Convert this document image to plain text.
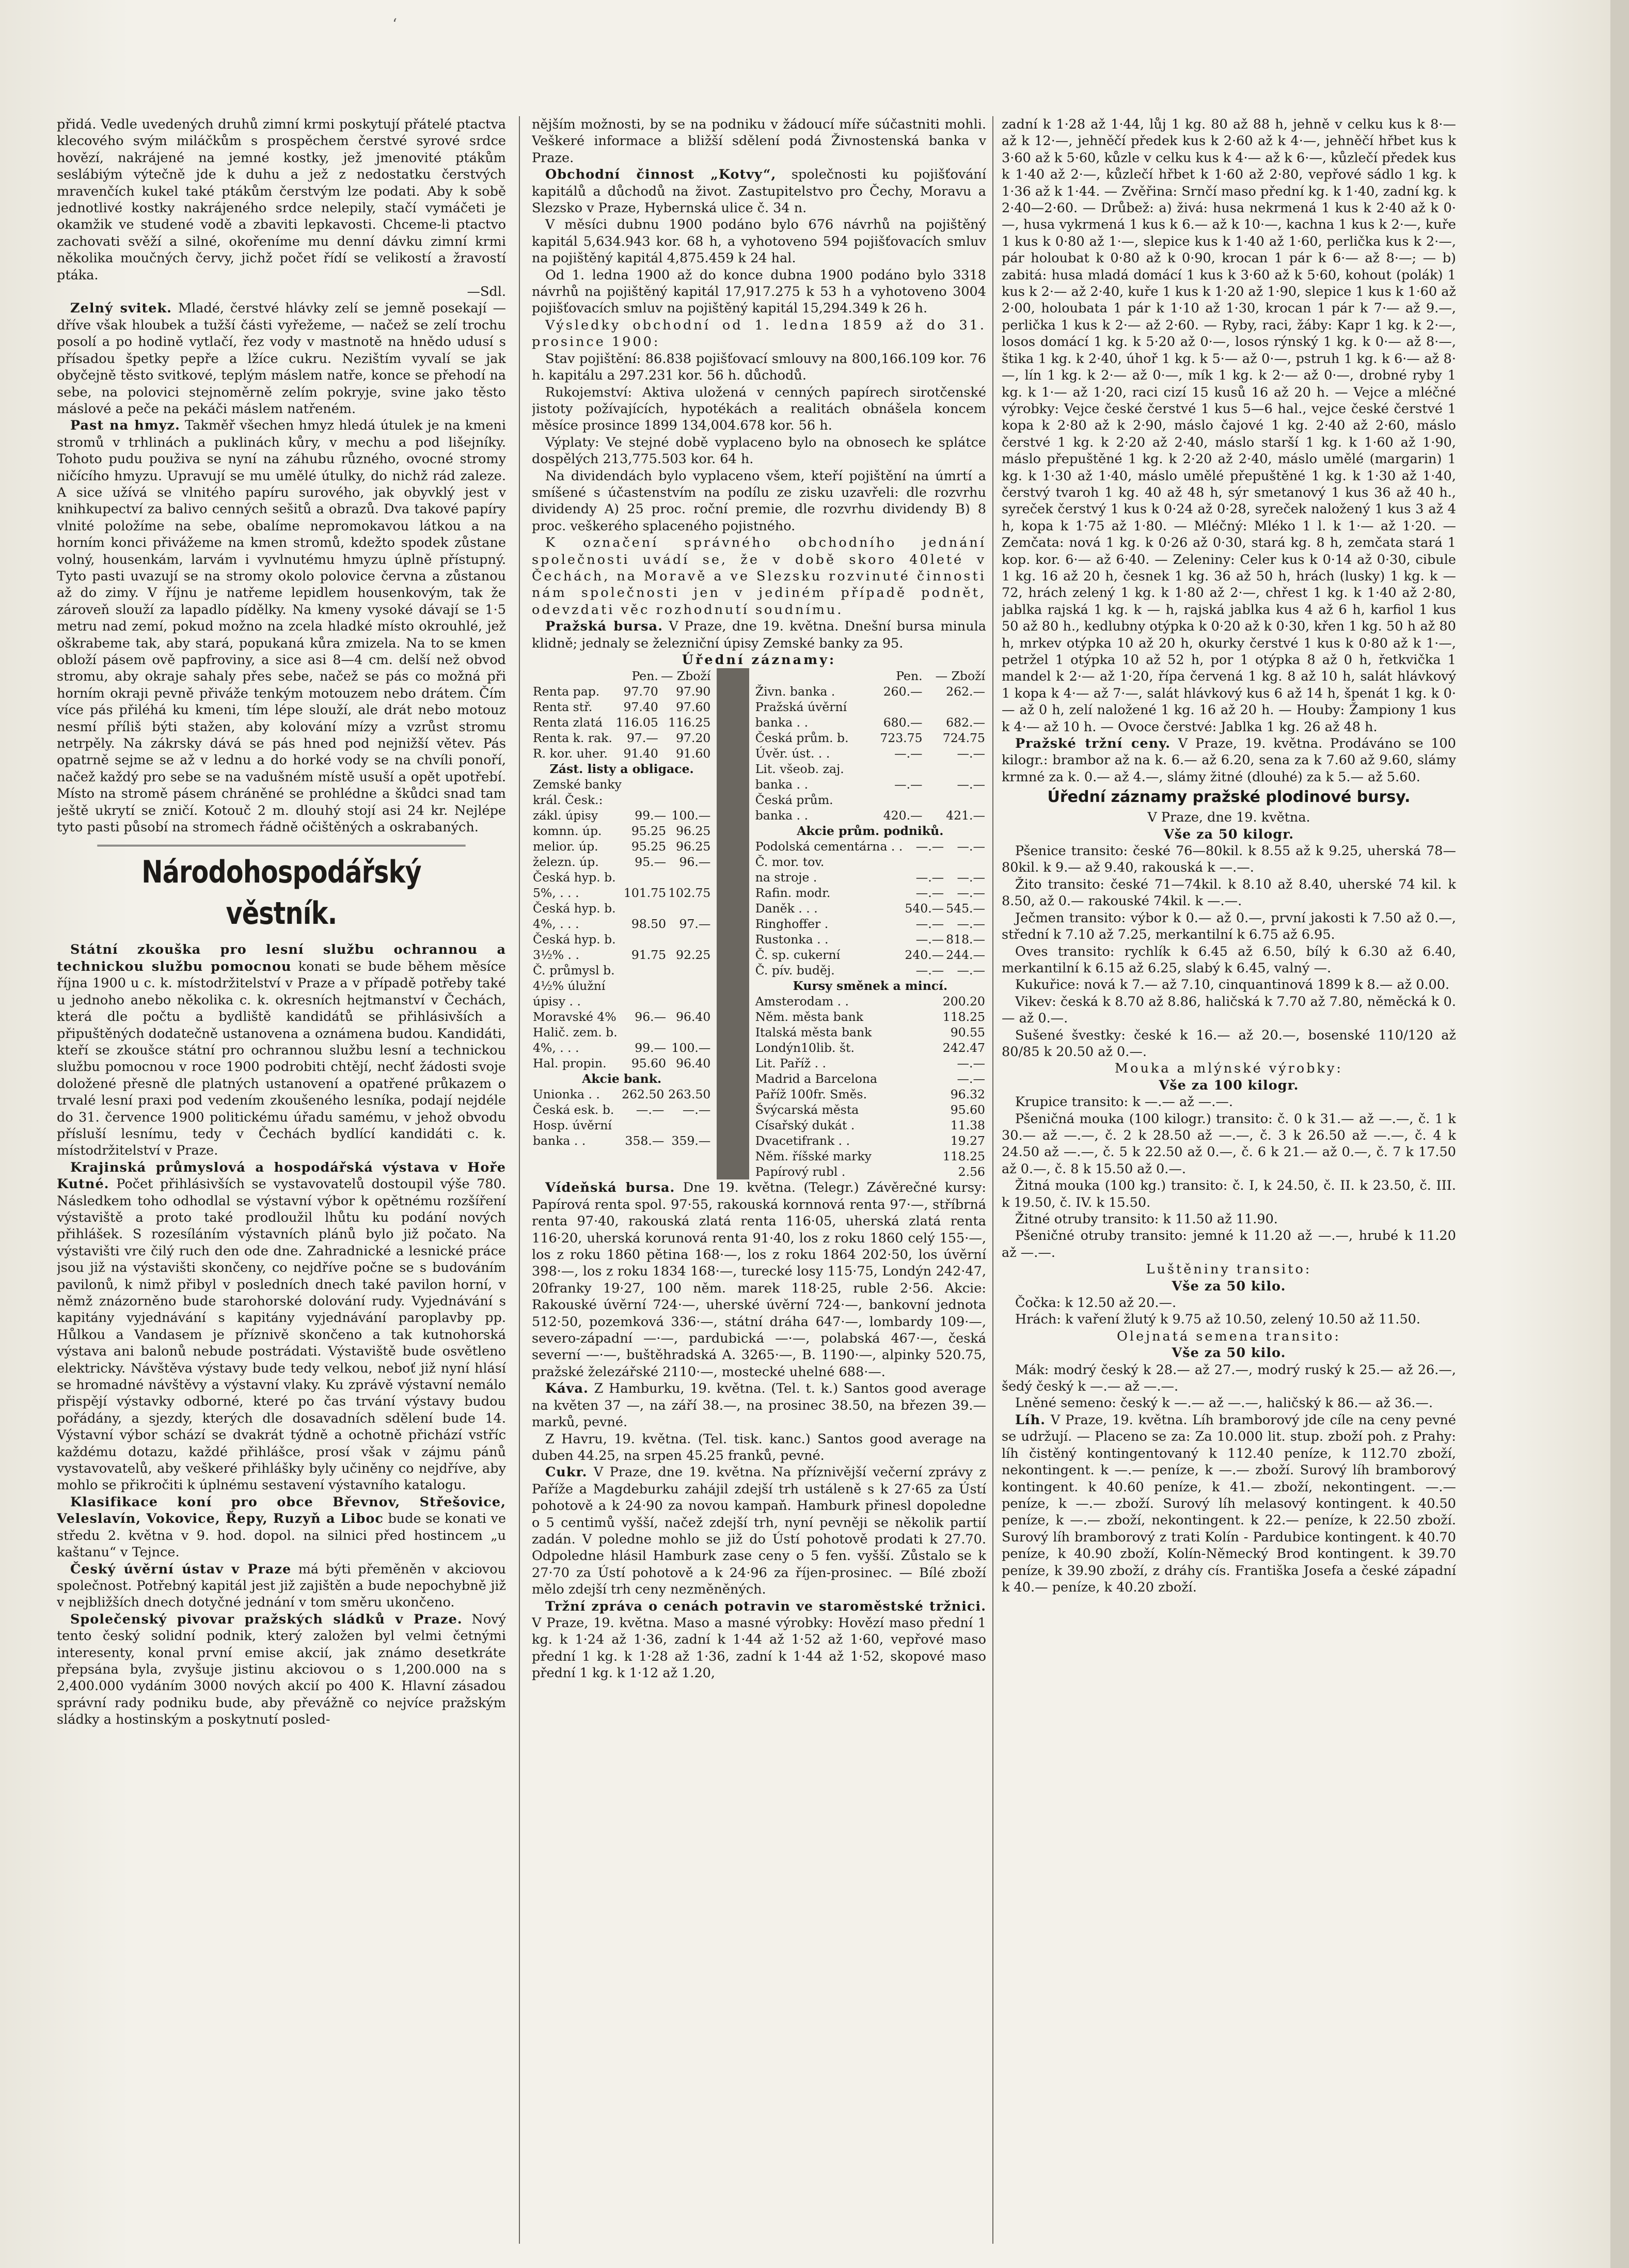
‘

přidá. Vedle uvedených druhů zimní krmi poskytují přátelé ptactva klecového svým miláčkům s prospěchem čerstvé syrové srdce hovězí, nakrájené na jemné kostky, jež jmenovité ptákům seslábiým výtečně jde k duhu a jež z nedostatku čerstvých mravenčích kukel také ptákům čerstvým lze podati. Aby k sobě jednotlivé kostky nakrájeného srdce nelepily, stačí vymáčeti je okamžik ve studené vodě a zbaviti lepkavosti. Chceme-li ptactvo zachovati svěží a silné, okořeníme mu denní dávku zimní krmi několika moučných červy, jichž počet řídí se velikostí a žravostí ptáka.

—Sdl.

Zelný svitek. Mladé, čerstvé hlávky zelí se jemně posekají — dříve však hloubek a tužší části vyřežeme, — načež se zelí trochu posolí a po hodině vytlačí, řez vody v mastnotě na hnědo udusí s přísadou špetky pepře a lžíce cukru. Nezištím vyvalí se jak obyčejně těsto svitkové, teplým máslem natře, konce se přehodí na sebe, na polovici stejnoměrně zelím pokryje, svine jako těsto máslové a peče na pekáči máslem natřeném.

Past na hmyz. Takměř všechen hmyz hledá útulek je na kmeni stromů v trhlinách a puklinách kůry, v mechu a pod lišejníky. Tohoto pudu použiva se nyní na záhubu různého, ovocné stromy ničícího hmyzu. Upravují se mu umělé útulky, do nichž rád zaleze. A sice užívá se vlnitého papíru surového, jak obyvklý jest v knihkupectví za balivo cenných sešitů a obrazů. Dva takové papíry vlnité položíme na sebe, obalíme nepromokavou látkou a na horním konci přivážeme na kmen stromů, kdežto spodek zůstane volný, housenkám, larvám i vyvlnutému hmyzu úplně přístupný. Tyto pasti uvazují se na stromy okolo polovice června a zůstanou až do zimy. V říjnu je natřeme lepidlem housenkovým, tak že zároveň slouží za lapadlo pídělky. Na kmeny vysoké dávají se 1·5 metru nad zemí, pokud možno na zcela hladké místo okrouhlé, jež oškrabeme tak, aby stará, popukaná kůra zmizela. Na to se kmen obloží pásem ově papfroviny, a sice asi 8—4 cm. delší než obvod stromu, aby okraje sahaly přes sebe, načež se pás co možná při horním okraji pevně přiváže tenkým motouzem nebo drátem. Čím více pás přiléhá ku kmeni, tím lépe slouží, ale drát nebo motouz nesmí příliš býti stažen, aby kolování mízy a vzrůst stromu netrpěly. Na zákrsky dává se pás hned pod nejnižší větev. Pás opatrně sejme se až v lednu a do horké vody se na chvíli ponoří, načež každý pro sebe se na vadušném místě usuší a opět upotřebí. Místo na stromě pásem chráněné se prohlédne a škůdci snad tam ještě ukrytí se zničí. Kotouč 2 m. dlouhý stojí asi 24 kr. Nejlépe tyto pasti působí na stromech řádně očištěných a oskrabaných.

Národohospodářský věstník.

Státní zkouška pro lesní službu ochrannou a technickou službu pomocnou konati se bude během měsíce října 1900 u c. k. místodržitelství v Praze a v případě potřeby také u jednoho anebo několika c. k. okresních hejtmanství v Čechách, která dle počtu a bydliště kandidátů se přihlásivších a připuštěných dodatečně ustanovena a oznámena budou. Kandidáti, kteří se zkoušce státní pro ochrannou službu lesní a technickou službu pomocnou v roce 1900 podrobiti chtějí, nechť žádosti svoje doložené přesně dle platných ustanovení a opatřené průkazem o trvalé lesní praxi pod vedením zkoušeného lesníka, podají nejdéle do 31. července 1900 politickému úřadu samému, v jehož obvodu přísluší lesnímu, tedy v Čechách bydlící kandidáti c. k. místodržitelství v Praze.

Krajinská průmyslová a hospodářská výstava v Hoře Kutné. Počet přihlásivších se vystavovatelů dostoupil výše 780. Následkem toho odhodlal se výstavní výbor k opětnému rozšíření výstaviště a proto také prodloužil lhůtu ku podání nových přihlášek. S rozesíláním výstavních plánů bylo již počato. Na výstavišti vre čilý ruch den ode dne. Zahradnické a lesnické práce jsou již na výstavišti skončeny, co nejdříve počne se s budováním pavilonů, k nimž přibyl v posledních dnech také pavilon horní, v němž znázorněno bude starohorské dolování rudy. Vyjednávání s kapitány vyjednávání s kapitány vyjednávání paroplavby pp. Hůlkou a Vandasem je příznivě skončeno a tak kutnohorská výstava ani balonů nebude postrádati. Výstaviště bude osvětleno elektricky. Návštěva výstavy bude tedy velkou, neboť již nyní hlásí se hromadné návštěvy a výstavní vlaky. Ku zprávě výstavní nemálo přispějí výstavky odborné, které po čas trvání výstavy budou pořádány, a sjezdy, kterých dle dosavadních sdělení bude 14. Výstavní výbor schází se dvakrát týdně a ochotně přichází vstříc každému dotazu, každé přihlášce, prosí však v zájmu pánů vystavovatelů, aby veškeré přihlášky byly učiněny co nejdříve, aby mohlo se přikročiti k úplnému sestavení výstavního katalogu.

Klasifikace koní pro obce Břevnov, Střešovice, Veleslavín, Vokovice, Řepy, Ruzyň a Liboc bude se konati ve středu 2. května v 9. hod. dopol. na silnici před hostincem „u kaštanu“ v Tejnce.

Český úvěrní ústav v Praze má býti přeměněn v akciovou společnost. Potřebný kapitál jest již zajištěn a bude nepochybně již v nejbližších dnech dotyčné jednání v tom směru ukončeno.

Společenský pivovar pražských sládků v Praze. Nový tento český solidní podnik, který založen byl velmi četnými interesenty, konal první emise akcií, jak známo desetkráte přepsána byla, zvyšuje jistinu akciovou o s 1,200.000 na s 2,400.000 vydáním 3000 nových akcií po 400 K. Hlavní zásadou správní rady podniku bude, aby převážně co nejvíce pražským sládky a hostinským a poskytnutí posled-

nějším možnosti, by se na podniku v žádoucí míře súčastniti mohli. Veškeré informace a bližší sdělení podá Živnostenská banka v Praze.

Obchodní činnost „Kotvy“, společnosti ku pojišťování kapitálů a důchodů na život. Zastupitelstvo pro Čechy, Moravu a Slezsko v Praze, Hybernská ulice č. 34 n.

V měsíci dubnu 1900 podáno bylo 676 návrhů na pojištěný kapitál 5,634.943 kor. 68 h, a vyhotoveno 594 pojišťovacích smluv na pojištěný kapitál 4,875.459 k 24 hal.

Od 1. ledna 1900 až do konce dubna 1900 podáno bylo 3318 návrhů na pojištěný kapitál 17,917.275 k 53 h a vyhotoveno 3004 pojišťovacích smluv na pojištěný kapitál 15,294.349 k 26 h.

Výsledky obchodní od 1. ledna 1859 až do 31. prosince 1900:

Stav pojištění: 86.838 pojišťovací smlouvy na 800,166.109 kor. 76 h. kapitálu a 297.231 kor. 56 h. důchodů.

Rukojemství: Aktiva uložená v cenných papírech sirotčenské jistoty požívajících, hypotékách a realitách obnášela koncem měsíce prosince 1899 134,004.678 kor. 56 h.

Výplaty: Ve stejné době vyplaceno bylo na obnosech ke splátce dospělých 213,775.503 kor. 64 h.

Na dividendách bylo vyplaceno všem, kteří pojištění na úmrtí a smíšené s účastenstvím na podílu ze zisku uzavřeli: dle rozvrhu dividendy A) 25 proc. roční premie, dle rozvrhu dividendy B) 8 proc. veškerého splaceného pojistného.

K označení správného obchodního jednání společnosti uvádí se, že v době skoro 40leté v Čechách, na Moravě a ve Slezsku rozvinuté činnosti nám společnosti jen v jediném případě podnět, odevzdati věc rozhodnutí soudnímu.

Pražská bursa. V Praze, dne 19. května. Dnešní bursa minula klidně; jednaly se železniční úpisy Zemské banky za 95.

Úřední záznamy:

	Pen.	— Zboží
Renta pap.	97.70	97.90
Renta stř.	97.40	97.60
Renta zlatá	116.05	116.25
Renta k. rak.	97.—	97.20
R. kor. uher.	91.40	91.60
Zást. listy a obligace.
Zemské banky		
král. Česk.:		
zákl. úpisy	99.—	100.—
komnn. úp.	95.25	96.25
melior. úp.	95.25	96.25
železn. úp.	95.—	96.—
Česká hyp. b.		
5%, . . .	101.75	102.75
Česká hyp. b.		
4%, . . .	98.50	97.—
Česká hyp. b.		
3½% . .	91.75	92.25
Č. průmysl b.		
4½% úlužní		
úpisy . .		
Moravské 4%	96.—	96.40
Halič. zem. b.		
4%, . . .	99.—	100.—
Hal. propin.	95.60	96.40
Akcie bank.
Unionka . .	262.50	263.50
Česká esk. b.	—.—	—.—
Hosp. úvěrní		
banka . .	358.—	359.—
	Pen.	— Zboží
Živn. banka .	260.—	262.—
Pražská úvěrní		
banka . .	680.—	682.—
Česká prům. b.	723.75	724.75
Úvěr. úst. . .	—.—	—.—
Lit. všeob. zaj.		
banka . .	—.—	—.—
Česká prům.		
banka . .	420.—	421.—
Akcie prům. podniků.
Podolská cementárna . .	—.—	—.—
Č. mor. tov.		
na stroje .	—.—	—.—
Rafin. modr.	—.—	—.—
Daněk . . .	540.—	545.—
Ringhoffer .	—.—	—.—
Rustonka . .	—.—	818.—
Č. sp. cukerní	240.—	244.—
Č. pív. buděj.	—.—	—.—
Kursy směnek a mincí.
Amsterodam . .	200.20
Něm. města bank	118.25
Italská města bank	90.55
Londýn10lib. št.	242.47
Lit. Paříž . .	—.—
Madrid a Barcelona	—.—
Paříž 100fr. Směs.	96.32
Švýcarská města	95.60
Císařský dukát .	11.38
Dvacetifrank . .	19.27
Něm. říšské marky	118.25
Papírový rubl .	2.56

Vídeňská bursa. Dne 19. května. (Telegr.) Závěrečné kursy: Papírová renta spol. 97·55, rakouská kornnová renta 97·—, stříbrná renta 97·40, rakouská zlatá renta 116·05, uherská zlatá renta 116·20, uherská korunová renta 91·40, los z roku 1860 celý 155·—, los z roku 1860 pětina 168·—, los z roku 1864 202·50, los úvěrní 398·—, los z roku 1834 168·—, turecké losy 115·75, Londýn 242·47, 20franky 19·27, 100 něm. marek 118·25, ruble 2·56. Akcie: Rakouské úvěrní 724·—, uherské úvěrní 724·—, bankovní jednota 512·50, pozemková 336·—, státní dráha 647·—, lombardy 109·—, severo-západní —·—, pardubická —·—, polabská 467·—, česká severní —·—, buštěhradská A. 3265·—, B. 1190·—, alpinky 520.75, pražské železářské 2110·—, mostecké uhelné 688·—.

Káva. Z Hamburku, 19. května. (Tel. t. k.) Santos good average na květen 37 —, na září 38.—, na prosinec 38.50, na březen 39.— marků, pevné.

Z Havru, 19. května. (Tel. tisk. kanc.) Santos good average na duben 44.25, na srpen 45.25 franků, pevné.

Cukr. V Praze, dne 19. května. Na příznivější večerní zprávy z Paříže a Magdeburku zahájil zdejší trh ustáleně s k 27·65 za Ústí pohotově a k 24·90 za novou kampaň. Hamburk přinesl dopoledne o 5 centimů vyšší, načež zdejší trh, nyní pevněji se několik partií zadán. V poledne mohlo se již do Ústí pohotově prodati k 27.70. Odpoledne hlásil Hamburk zase ceny o 5 fen. vyšší. Zůstalo se k 27·70 za Ústí pohotově a k 24·96 za říjen-prosinec. — Bílé zboží mělo zdejší trh ceny nezměněných.

Tržní zpráva o cenách potravin ve staroměstské tržnici. V Praze, 19. května. Maso a masné výrobky: Hovězí maso přední 1 kg. k 1·24 až 1·36, zadní k 1·44 až 1·52 až 1·60, vepřové maso přední 1 kg. k 1·28 až 1·36, zadní k 1·44 až 1·52, skopové maso přední 1 kg. k 1·12 až 1.20,

zadní k 1·28 až 1·44, lůj 1 kg. 80 až 88 h, jehně v celku kus k 8·— až k 12·—, jehněčí předek kus k 2·60 až k 4·—, jehněčí hřbet kus k 3·60 až k 5·60, kůzle v celku kus k 4·— až k 6·—, kůzlečí předek kus k 1·40 až 2·—, kůzlečí hřbet k 1·60 až 2·80, vepřové sádlo 1 kg. k 1·36 až k 1·44. — Zvěřina: Srnčí maso přední kg. k 1·40, zadní kg. k 2·40—2·60. — Drůbež: a) živá: husa nekrmená 1 kus k 2·40 až k 0·—, husa vykrmená 1 kus k 6.— až k 10·—, kachna 1 kus k 2·—, kuře 1 kus k 0·80 až 1·—, slepice kus k 1·40 až 1·60, perlička kus k 2·—, pár holoubat k 0·80 až k 0·90, krocan 1 pár k 6·— až 8·—; — b) zabitá: husa mladá domácí 1 kus k 3·60 až k 5·60, kohout (polák) 1 kus k 2·— až 2·40, kuře 1 kus k 1·20 až 1·90, slepice 1 kus k 1·60 až 2·00, holoubata 1 pár k 1·10 až 1·30, krocan 1 pár k 7·— až 9.—, perlička 1 kus k 2·— až 2·60. — Ryby, raci, žáby: Kapr 1 kg. k 2·—, losos domácí 1 kg. k 5·20 až 0·—, losos rýnský 1 kg. k 0·— až 8·—, štika 1 kg. k 2·40, úhoř 1 kg. k 5·— až 0·—, pstruh 1 kg. k 6·— až 8·—, lín 1 kg. k 2·— až 0·—, mík 1 kg. k 2·— až 0·—, drobné ryby 1 kg. k 1·— až 1·20, raci cizí 15 kusů 16 až 20 h. — Vejce a mléčné výrobky: Vejce české čerstvé 1 kus 5—6 hal., vejce české čerstvé 1 kopa k 2·80 až k 2·90, máslo čajové 1 kg. 2·40 až 2·60, máslo čerstvé 1 kg. k 2·20 až 2·40, máslo starší 1 kg. k 1·60 až 1·90, máslo přepuštěné 1 kg. k 2·20 až 2·40, máslo umělé (margarin) 1 kg. k 1·30 až 1·40, máslo umělé přepuštěné 1 kg. k 1·30 až 1·40, čerstvý tvaroh 1 kg. 40 až 48 h, sýr smetanový 1 kus 36 až 40 h., syreček čerstvý 1 kus k 0·24 až 0·28, syreček naložený 1 kus 3 až 4 h, kopa k 1·75 až 1·80. — Mléčný: Mléko 1 l. k 1·— až 1·20. — Zemčata: nová 1 kg. k 0·26 až 0·30, stará kg. 8 h, zemčata stará 1 kop. kor. 6·— až 6·40. — Zeleniny: Celer kus k 0·14 až 0·30, cibule 1 kg. 16 až 20 h, česnek 1 kg. 36 až 50 h, hrách (lusky) 1 kg. k —72, hrách zelený 1 kg. k 1·80 až 2·—, chřest 1 kg. k 1·40 až 2·80, jablka rajská 1 kg. k — h, rajská jablka kus 4 až 6 h, karfiol 1 kus 50 až 80 h., kedlubny otýpka k 0·20 až k 0·30, křen 1 kg. 50 h až 80 h, mrkev otýpka 10 až 20 h, okurky čerstvé 1 kus k 0·80 až k 1·—, petržel 1 otýpka 10 až 52 h, por 1 otýpka 8 až 0 h, řetkvička 1 mandel k 2·— až 1·20, řípa červená 1 kg. 8 až 10 h, salát hlávkový 1 kopa k 4·— až 7·—, salát hlávkový kus 6 až 14 h, špenát 1 kg. k 0·— až 0 h, zelí naložené 1 kg. 16 až 20 h. — Houby: Žampiony 1 kus k 4·— až 10 h. — Ovoce čerstvé: Jablka 1 kg. 26 až 48 h.

Pražské tržní ceny. V Praze, 19. května. Prodáváno se 100 kilogr.: brambor až na k. 6.— až 6.20, sena za k 7.60 až 9.60, slámy krmné za k. 0.— až 4.—, slámy žitné (dlouhé) za k 5.— až 5.60.

Úřední záznamy pražské plodinové bursy.

V Praze, dne 19. května.

Vše za 50 kilogr.

Pšenice transito: české 76—80kil. k 8.55 až k 9.25, uherská 78—80kil. k 9.— až 9.40, rakouská k —.—.

Žito transito: české 71—74kil. k 8.10 až 8.40, uherské 74 kil. k 8.50, až 0.— rakouské 74kil. k —.—.

Ječmen transito: výbor k 0.— až 0.—, první jakosti k 7.50 až 0.—, střední k 7.10 až 7.25, merkantilní k 6.75 až 6.95.

Oves transito: rychlík k 6.45 až 6.50, bílý k 6.30 až 6.40, merkantilní k 6.15 až 6.25, slabý k 6.45, valný —.

Kukuřice: nová k 7.— až 7.10, cinquantinová 1899 k 8.— až 0.00.

Vikev: česká k 8.70 až 8.86, haličská k 7.70 až 7.80, něměcká k 0.— až 0.—.

Sušené švestky: české k 16.— až 20.—, bosenské 110/120 až 80/85 k 20.50 až 0.—.

Mouka a mlýnské výrobky:

Vše za 100 kilogr.

Krupice transito: k —.— až —.—.

Pšeničná mouka (100 kilogr.) transito: č. 0 k 31.— až —.—, č. 1 k 30.— až —.—, č. 2 k 28.50 až —.—, č. 3 k 26.50 až —.—, č. 4 k 24.50 až —.—, č. 5 k 22.50 až 0.—, č. 6 k 21.— až 0.—, č. 7 k 17.50 až 0.—, č. 8 k 15.50 až 0.—.

Žitná mouka (100 kg.) transito: č. I, k 24.50, č. II. k 23.50, č. III. k 19.50, č. IV. k 15.50.

Žitné otruby transito: k 11.50 až 11.90.

Pšeničné otruby transito: jemné k 11.20 až —.—, hrubé k 11.20 až —.—.

Luštěniny transito:

Vše za 50 kilo.

Čočka: k 12.50 až 20.—.

Hrách: k vaření žlutý k 9.75 až 10.50, zelený 10.50 až 11.50.

Olejnatá semena transito:

Vše za 50 kilo.

Mák: modrý český k 28.— až 27.—, modrý ruský k 25.— až 26.—, šedý český k —.— až —.—.

Lněné semeno: český k —.— až —.—, haličský k 86.— až 36.—.

Líh. V Praze, 19. května. Líh bramborový jde cíle na ceny pevné se udržují. — Placeno se za: Za 10.000 lit. stup. zboží poh. z Prahy: líh čistěný kontingentovaný k 112.40 peníze, k 112.70 zboží, nekontingent. k —.— peníze, k —.— zboží. Surový líh bramborový kontingent. k 40.60 peníze, k 41.— zboží, nekontingent. —.— peníze, k —.— zboží. Surový líh melasový kontingent. k 40.50 peníze, k —.— zboží, nekontingent. k 22.— peníze, k 22.50 zboží. Surový líh bramborový z trati Kolín - Pardubice kontingent. k 40.70 peníze, k 40.90 zboží, Kolín-Německý Brod kontingent. k 39.70 peníze, k 39.90 zboží, z dráhy cís. Františka Josefa a české západní k 40.— peníze, k 40.20 zboží.
